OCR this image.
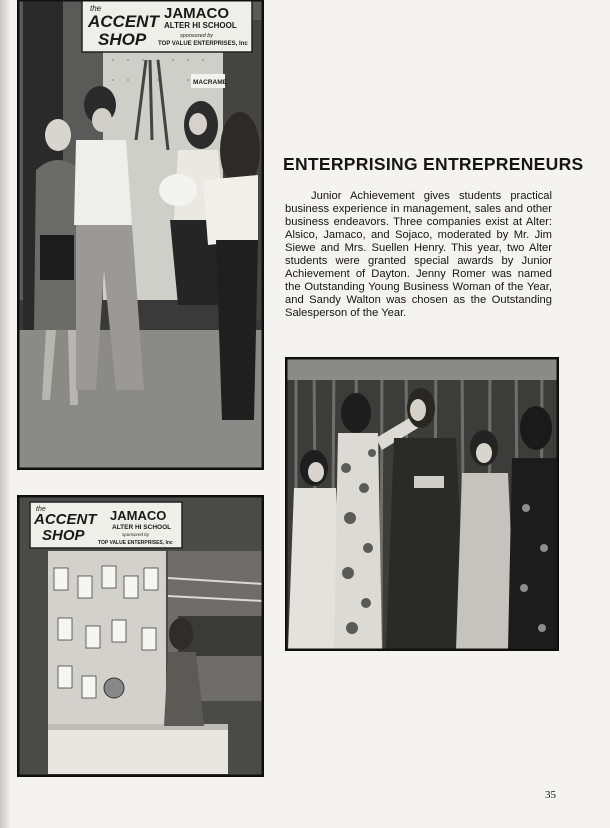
the
ACCENT
SHOP
JAMACO
ALTER HI SCHOOL
sponsored by
TOP VALUE ENTERPRISES, Inc
MACRAME
ENTERPRISING ENTREPRENEURS
Junior Achievement gives students practical business experience in management, sales and other business endeavors. Three companies exist at Alter: Alsico, Jamaco, and Sojaco, moderated by Mr. Jim Siewe and Mrs. Suellen Henry. This year, two Alter students were granted special awards by Junior Achievement of Dayton. Jenny Romer was named the Outstanding Young Business Woman of the Year, and Sandy Walton was chosen as the Outstanding Salesperson of the Year.
the
ACCENT
SHOP
JAMACO
ALTER HI SCHOOL
sponsored by
TOP VALUE ENTERPRISES, Inc
35
